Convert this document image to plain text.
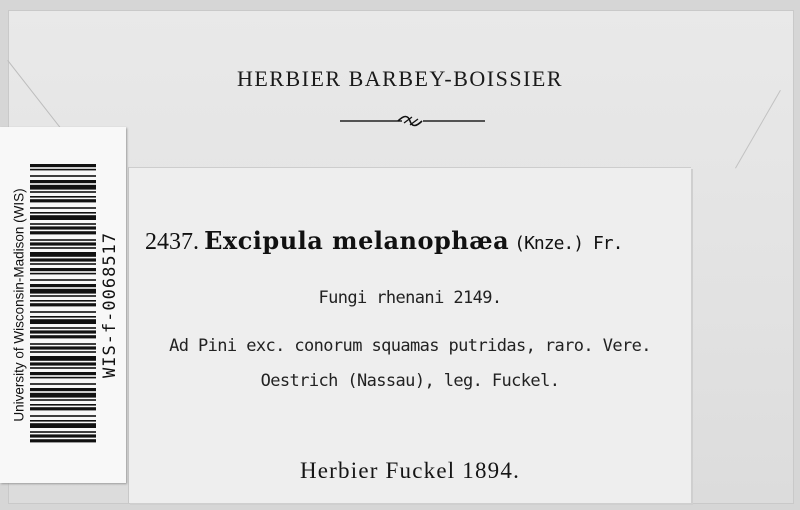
HERBIER BARBEY-BOISSIER
2437. Excipula melanophæa (Knze.) Fr.
Fungi rhenani 2149.
Ad Pini exc. conorum squamas putridas, raro. Vere.
Oestrich (Nassau), leg. Fuckel.
Herbier Fuckel 1894.
University of Wisconsin-Madison (WIS)	WIS-f-0068517
